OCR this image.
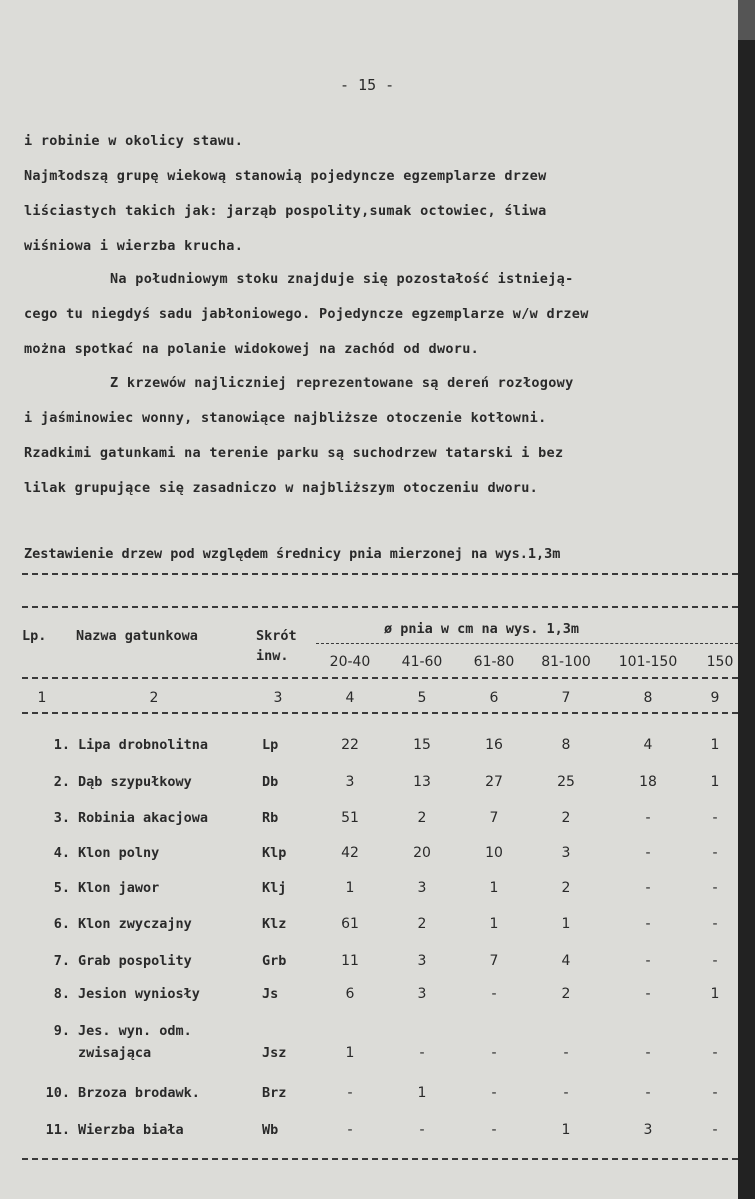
- 15 -
i robinie w okolicy stawu.
Najmłodszą grupę wiekową stanowią pojedyncze egzemplarze drzew
liściastych takich jak: jarząb pospolity,sumak octowiec, śliwa
wiśniowa i wierzba krucha.
Na południowym stoku znajduje się pozostałość istnieją-
cego tu niegdyś sadu jabłoniowego. Pojedyncze egzemplarze w/w drzew
można spotkać na polanie widokowej na zachód od dworu.
Z krzewów najliczniej reprezentowane są dereń rozłogowy
i jaśminowiec wonny, stanowiące najbliższe otoczenie kotłowni.
Rzadkimi gatunkami na terenie parku są suchodrzew tatarski i bez
lilak grupujące się zasadniczo w najbliższym otoczeniu dworu.
Zestawienie drzew pod względem średnicy pnia mierzonej na wys.1,3m
Lp. Nazwa gatunkowa	Skrót
inw.
ø pnia w cm na wys. 1,3m
20-40	41-60	61-80	81-100	101-150	150
1	2	3	4	5	6	7	8	9
1. Lipa drobnolitna	Lp	22	15	16	8	4	1
2. Dąb szypułkowy	Db	3	13	27	25	18	1
3. Robinia akacjowa	Rb	51	2	7	2	-	-
4. Klon polny	Klp	42	20	10	3	-	-
5. Klon jawor	Klj	1	3	1	2	-	-
6. Klon zwyczajny	Klz	61	2	1	1	-	-
7. Grab pospolity	Grb	11	3	7	4	-	-
8. Jesion wyniosły	Js	6	3	-	2	-	1
9. Jes. wyn. odm.
zwisająca	Jsz	1	-	-	-	-	-
10. Brzoza brodawk.	Brz	-	1	-	-	-	-
11. Wierzba biała	Wb	-	-	-	1	3	-
